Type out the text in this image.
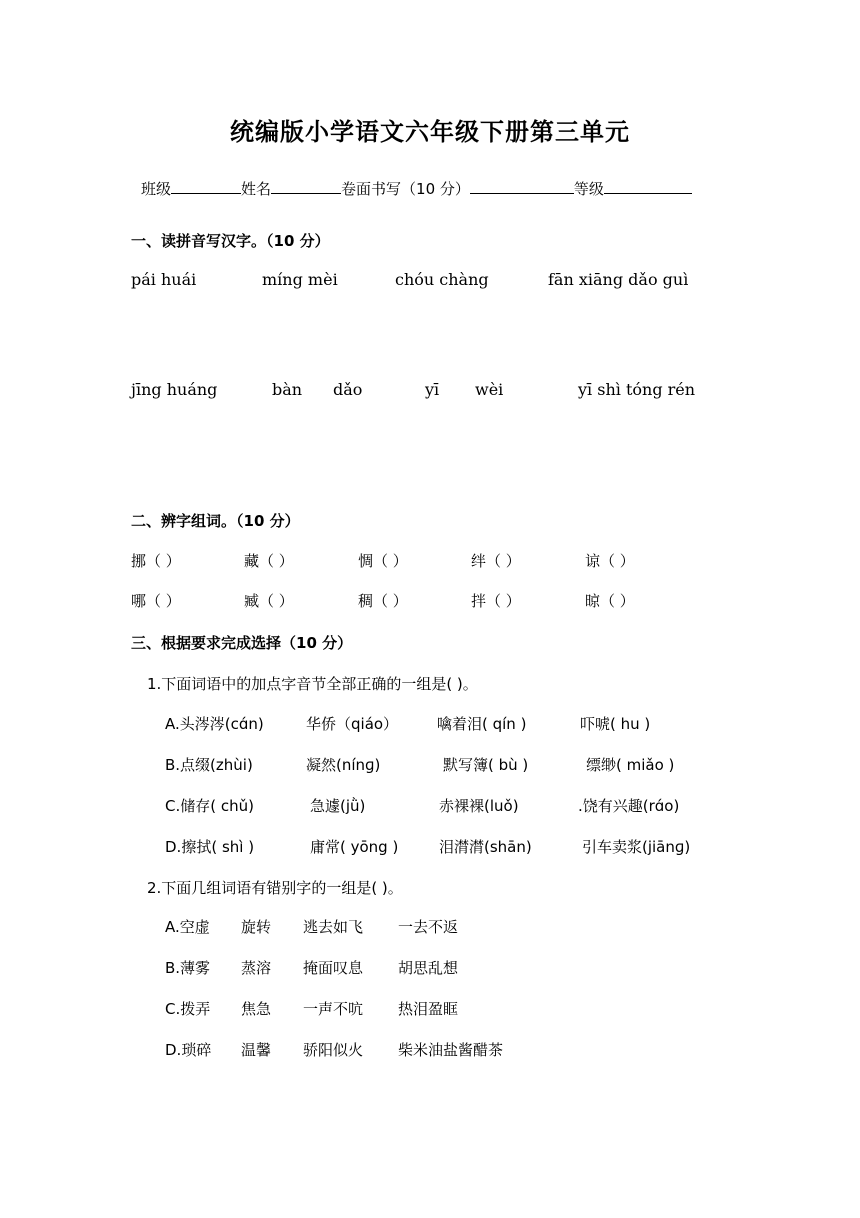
统编版小学语文六年级下册第三单元
班级	姓名	卷面书写（10 分）	等级
一、读拼音写汉字。（10 分）
pái huái	míng mèi	chóu chàng	fān xiāng dǎo guì
jīng huáng	bàn dǎo	yī wèi	yī shì tóng rén
二、辨字组词。（10 分）
挪（ ）	藏（ ）	惆（ ）	绊（ ）	谅（ ）
哪（ ）	臧（ ）	稠（ ）	拌（ ）	晾（ ）
三、根据要求完成选择（10 分）
1.下面词语中的加点字音节全部正确的一组是( )。
A.头涔涔(cɑ́n)	华侨（qiáo）	噙着泪( qín )	吓唬( hu )
B.点缀(zhùi)	凝然(nínɡ)	默写簿( bù )	缥缈( miǎo )
C.储存( chǔ)	急遽(jǜ)	赤裸裸(luǒ)	.饶有兴趣(rɑ́o)
D.擦拭( shì )	庸常( yōng )	泪潸潸(shān)	引车卖浆(jiānɡ)
2.下面几组词语有错别字的一组是( )。
A.空虚 旋转 逃去如飞 一去不返
B.薄雾 蒸溶 掩面叹息 胡思乱想
C.拨弄 焦急 一声不吭 热泪盈眶
D.琐碎 温馨 骄阳似火 柴米油盐酱醋茶
